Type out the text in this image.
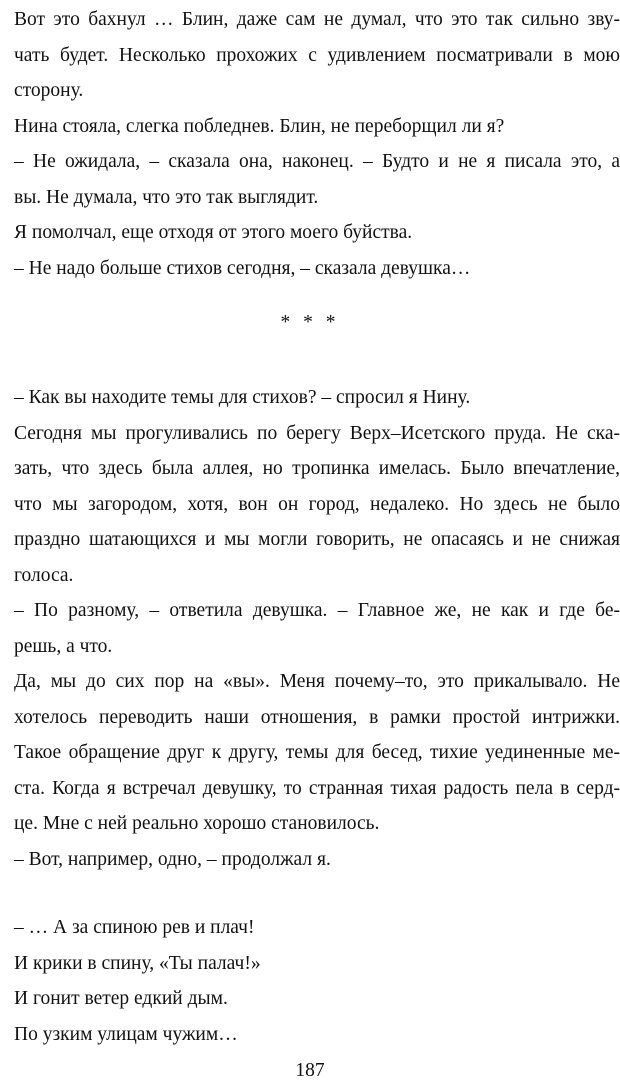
Вот это бахнул … Блин, даже сам не думал, что это так сильно зву-
чать будет. Несколько прохожих с удивлением посматривали в мою
сторону.
Нина стояла, слегка побледнев. Блин, не переборщил ли я?
– Не ожидала, – сказала она, наконец. – Будто и не я писала это, а
вы. Не думала, что это так выглядит.
Я помолчал, еще отходя от этого моего буйства.
– Не надо больше стихов сегодня, – сказала девушка…
* * *
– Как вы находите темы для стихов? – спросил я Нину.
Сегодня мы прогуливались по берегу Верх–Исетского пруда. Не ска-
зать, что здесь была аллея, но тропинка имелась. Было впечатление,
что мы загородом, хотя, вон он город, недалеко. Но здесь не было
праздно шатающихся и мы могли говорить, не опасаясь и не снижая
голоса.
– По разному, – ответила девушка. – Главное же, не как и где бе-
решь, а что.
Да, мы до сих пор на «вы». Меня почему–то, это прикалывало. Не
хотелось переводить наши отношения, в рамки простой интрижки.
Такое обращение друг к другу, темы для бесед, тихие уединенные ме-
ста. Когда я встречал девушку, то странная тихая радость пела в серд-
це. Мне с ней реально хорошо становилось.
– Вот, например, одно, – продолжал я.
– … А за спиною рев и плач!
И крики в спину, «Ты палач!»
И гонит ветер едкий дым.
По узким улицам чужим…
187
